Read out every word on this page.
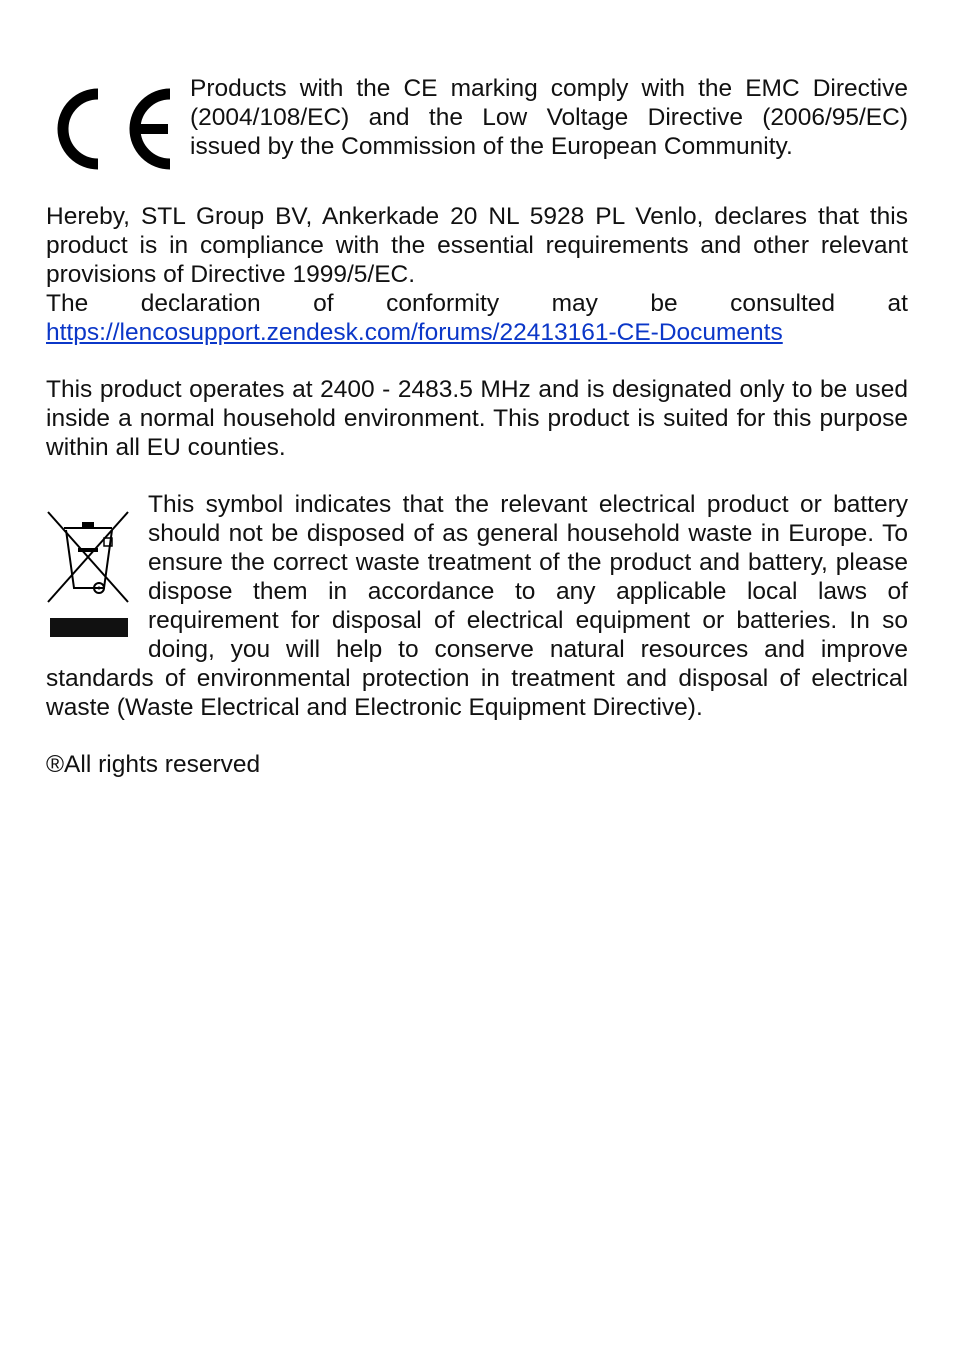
Products with the CE marking comply with the EMC Directive (2004/108/EC) and the Low Voltage Directive (2006/95/EC) issued by the Commission of the European Community.

Hereby, STL Group BV, Ankerkade 20 NL 5928 PL Venlo, declares that this product is in compliance with the essential requirements and other relevant provisions of Directive 1999/5/EC.

The declaration of conformity may be consulted at

https://lencosupport.zendesk.com/forums/22413161-CE-Documents

This product operates at 2400 - 2483.5 MHz and is designated only to be used inside a normal household environment. This product is suited for this purpose within all EU counties.

This symbol indicates that the relevant electrical product or battery should not be disposed of as general household waste in Europe. To ensure the correct waste treatment of the product and battery, please dispose them in accordance to any applicable local laws of requirement for disposal of electrical equipment or batteries. In so doing, you will help to conserve natural resources and improve standards of environmental protection in treatment and disposal of electrical waste (Waste Electrical and Electronic Equipment Directive).

®All rights reserved
